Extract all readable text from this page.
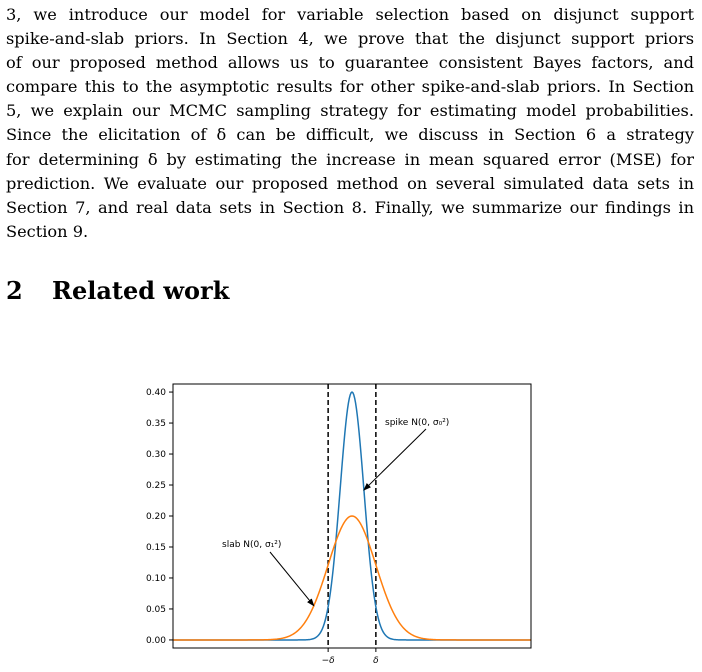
3, we introduce our model for variable selection based on disjunct support
spike-and-slab priors. In Section 4, we prove that the disjunct support priors
of our proposed method allows us to guarantee consistent Bayes factors, and
compare this to the asymptotic results for other spike-and-slab priors. In Section
5, we explain our MCMC sampling strategy for estimating model probabilities.
Since the elicitation of δ can be difficult, we discuss in Section 6 a strategy
for determining δ by estimating the increase in mean squared error (MSE) for
prediction. We evaluate our proposed method on several simulated data sets in
Section 7, and real data sets in Section 8. Finally, we summarize our findings in
Section 9.
2 Related work
0.00
0.05
0.10
0.15
0.20
0.25
0.30
0.35
0.40
−δ	δ
spike N(0, σ₀²)
slab N(0, σ₁²)
